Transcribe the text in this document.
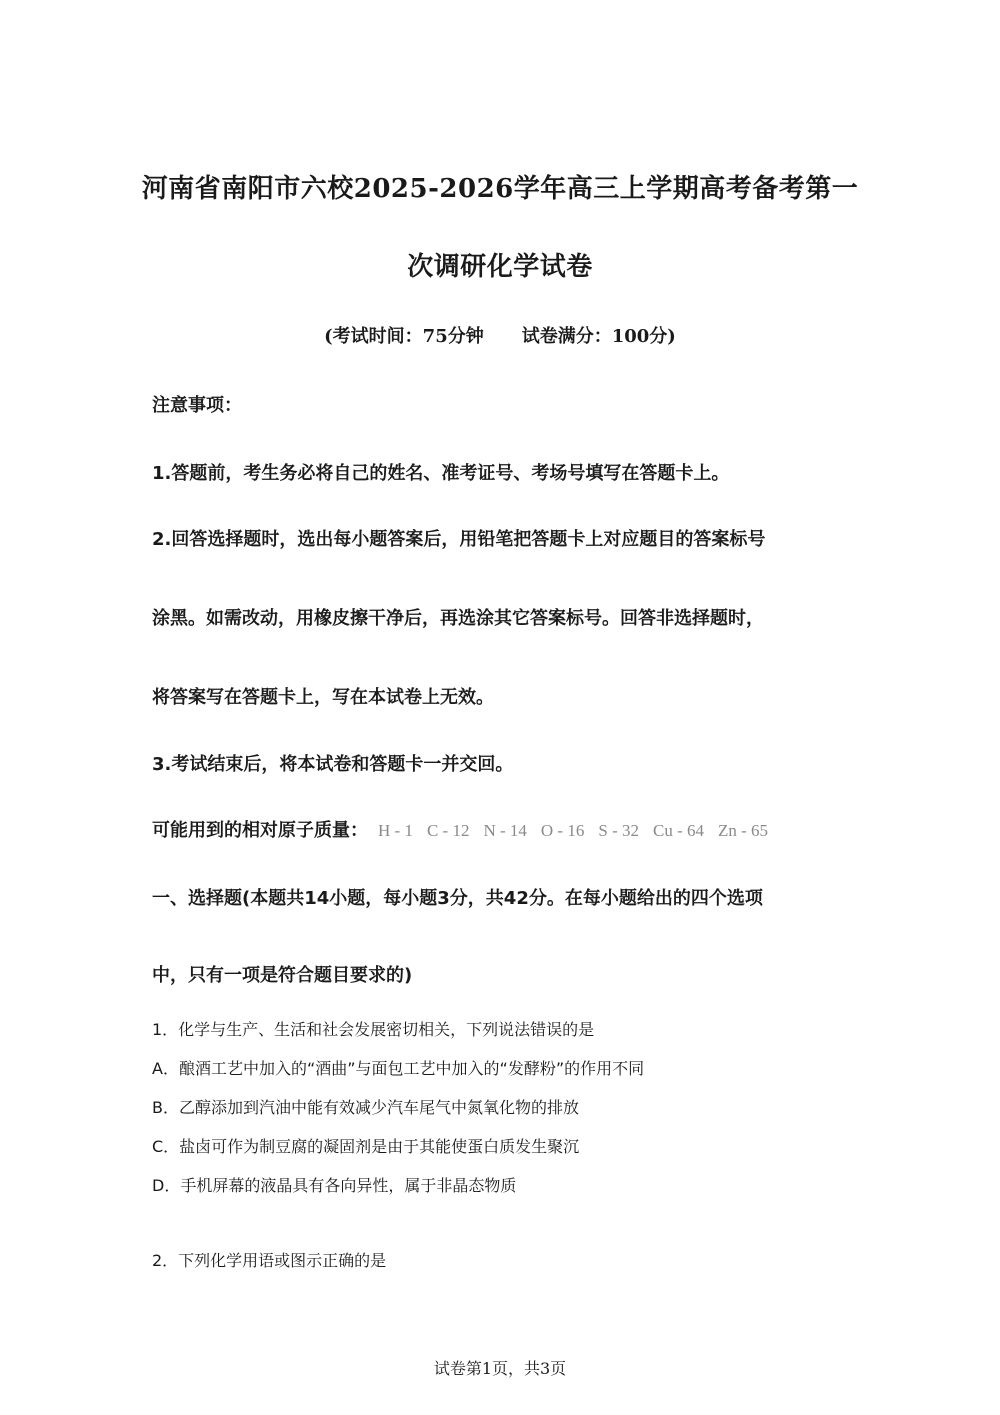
河南省南阳市六校2025-2026学年高三上学期高考备考第一
次调研化学试卷
(考试时间：75分钟 试卷满分：100分)
注意事项：
1.答题前，考生务必将自己的姓名、准考证号、考场号填写在答题卡上。
2.回答选择题时，选出每小题答案后，用铅笔把答题卡上对应题目的答案标号
涂黑。如需改动，用橡皮擦干净后，再选涂其它答案标号。回答非选择题时，
将答案写在答题卡上，写在本试卷上无效。
3.考试结束后，将本试卷和答题卡一并交回。
可能用到的相对原子质量： H - 1 C - 12 N - 14 O - 16 S - 32 Cu - 64 Zn - 65
一、选择题(本题共14小题，每小题3分，共42分。在每小题给出的四个选项
中，只有一项是符合题目要求的)
1．化学与生产、生活和社会发展密切相关，下列说法错误的是
A．酿酒工艺中加入的“酒曲”与面包工艺中加入的“发酵粉”的作用不同
B．乙醇添加到汽油中能有效减少汽车尾气中氮氧化物的排放
C．盐卤可作为制豆腐的凝固剂是由于其能使蛋白质发生聚沉
D．手机屏幕的液晶具有各向异性，属于非晶态物质
2．下列化学用语或图示正确的是
试卷第1页，共3页
